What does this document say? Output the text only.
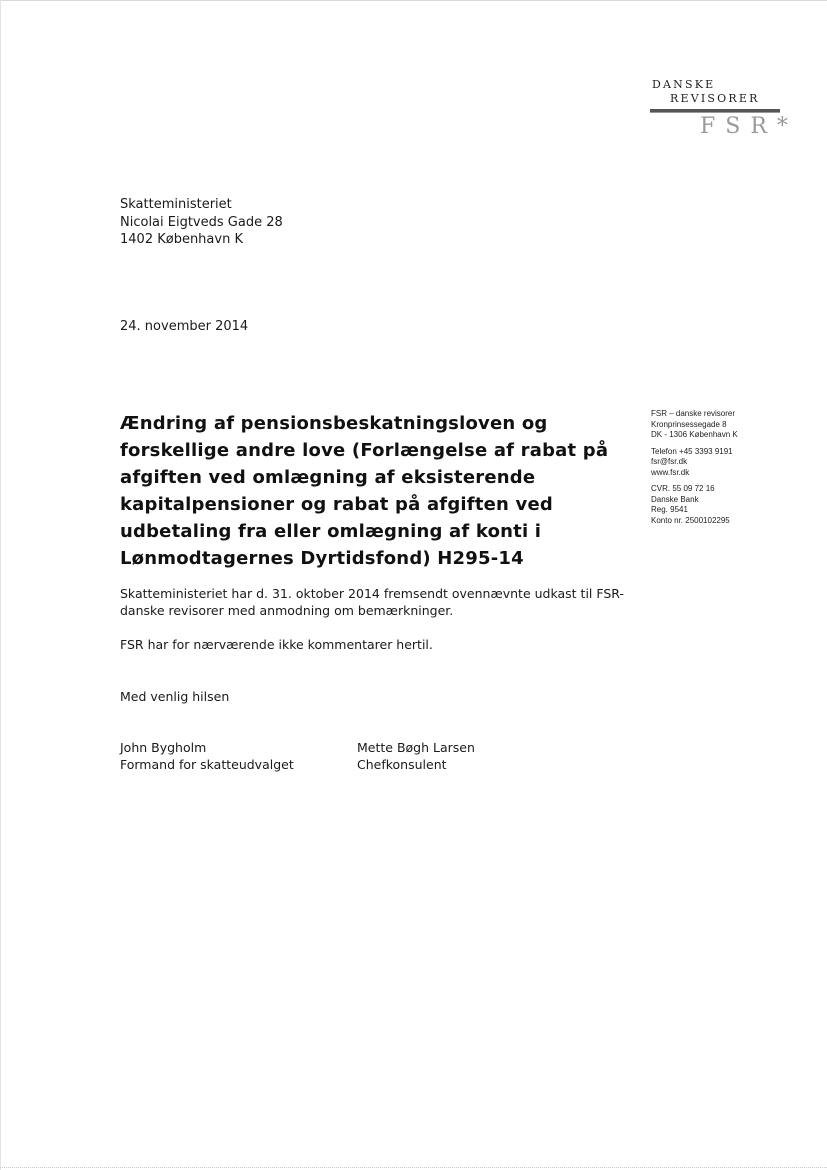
DANSKE
REVISORER
FSR*
Skatteministeriet
Nicolai Eigtveds Gade 28
1402 København K
24. november 2014
Ændring af pensionsbeskatningsloven og
forskellige andre love (Forlængelse af rabat på
afgiften ved omlægning af eksisterende
kapitalpensioner og rabat på afgiften ved
udbetaling fra eller omlægning af konti i
Lønmodtagernes Dyrtidsfond) H295-14
FSR – danske revisorer
Kronprinsessegade 8
DK - 1306 København K
Telefon +45 3393 9191
fsr@fsr.dk
www.fsr.dk
CVR. 55 09 72 16
Danske Bank
Reg. 9541
Konto nr. 2500102295
Skatteministeriet har d. 31. oktober 2014 fremsendt ovennævnte udkast til FSR-
danske revisorer med anmodning om bemærkninger.
FSR har for nærværende ikke kommentarer hertil.
Med venlig hilsen
John Bygholm
Formand for skatteudvalget
Mette Bøgh Larsen
Chefkonsulent
